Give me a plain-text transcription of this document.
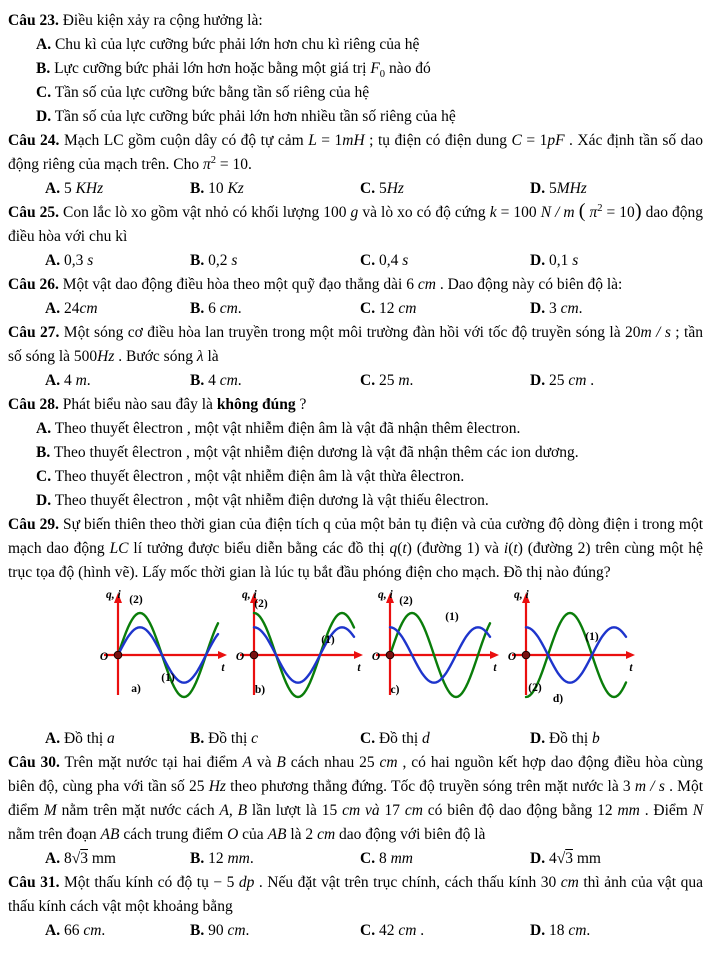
Câu 23. Điều kiện xảy ra cộng hưởng là:

A. Chu kì của lực cưỡng bức phải lớn hơn chu kì riêng của hệ
B. Lực cưỡng bức phải lớn hơn hoặc bằng một giá trị $F_0$ nào đó
C. Tần số của lực cưỡng bức bằng tần số riêng của hệ
D. Tần số của lực cưỡng bức phải lớn hơn nhiều tần số riêng của hệ

Câu 24. Mạch LC gồm cuộn dây có độ tự cảm L = 1mH ; tụ điện có điện dung C = 1pF . Xác định tần số dao động riêng của mạch trên. Cho $\pi^2 = 10$.

A. 5 KHz	B. 10 Kz	C. 5Hz	D. 5MHz

Câu 25. Con lắc lò xo gồm vật nhỏ có khối lượng 100 g và lò xo có độ cứng k = 100 N / m ( $\pi^2 = 10$) dao động điều hòa với chu kì

A. 0,3 s	B. 0,2 s	C. 0,4 s	D. 0,1 s

Câu 26. Một vật dao động điều hòa theo một quỹ đạo thẳng dài 6 cm . Dao động này có biên độ là:

A. 24cm	B. 6 cm.	C. 12 cm	D. 3 cm.

Câu 27. Một sóng cơ điều hòa lan truyền trong một môi trường đàn hồi với tốc độ truyền sóng là 20m / s ; tần số sóng là 500Hz . Bước sóng λ là

A. 4 m.	B. 4 cm.	C. 25 m.	D. 25 cm .

Câu 28. Phát biểu nào sau đây là không đúng ?

A. Theo thuyết êlectron , một vật nhiễm điện âm là vật đã nhận thêm êlectron.
B. Theo thuyết êlectron , một vật nhiễm điện dương là vật đã nhận thêm các ion dương.
C. Theo thuyết êlectron , một vật nhiễm điện âm là vật thừa êlectron.
D. Theo thuyết êlectron , một vật nhiễm điện dương là vật thiếu êlectron.

Câu 29. Sự biến thiên theo thời gian của điện tích q của một bản tụ điện và của cường độ dòng điện i trong một mạch dao động LC lí tưởng được biểu diễn bằng các đồ thị q(t) (đường 1) và i(t) (đường 2) trên cùng một hệ trục tọa độ (hình vẽ). Lấy mốc thời gian là lúc tụ bắt đầu phóng điện cho mạch. Đồ thị nào đúng?

q, i
O
t
(2)
(1)
a)
q, i
O
t
(2)
(1)
b)
q, i
O
t
(2)
(1)
c)
q, i
O
t
(2)
(1)
d)
A. Đồ thị a	B. Đồ thị c	C. Đồ thị d	D. Đồ thị b

Câu 30. Trên mặt nước tại hai điểm A và B cách nhau 25 cm , có hai nguồn kết hợp dao động điều hòa cùng biên độ, cùng pha với tần số 25 Hz theo phương thẳng đứng. Tốc độ truyền sóng trên mặt nước là 3 m / s . Một điểm M nằm trên mặt nước cách A, B lần lượt là 15 cm và 17 cm có biên độ dao động bằng 12 mm . Điểm N nằm trên đoạn AB cách trung điểm O của AB là 2 cm dao động với biên độ là

A. 8√3 mm	B. 12 mm.	C. 8 mm	D. 4√3 mm

Câu 31. Một thấu kính có độ tụ − 5 dp . Nếu đặt vật trên trục chính, cách thấu kính 30 cm thì ảnh của vật qua thấu kính cách vật một khoảng bằng

A. 66 cm.	B. 90 cm.	C. 42 cm .	D. 18 cm.
